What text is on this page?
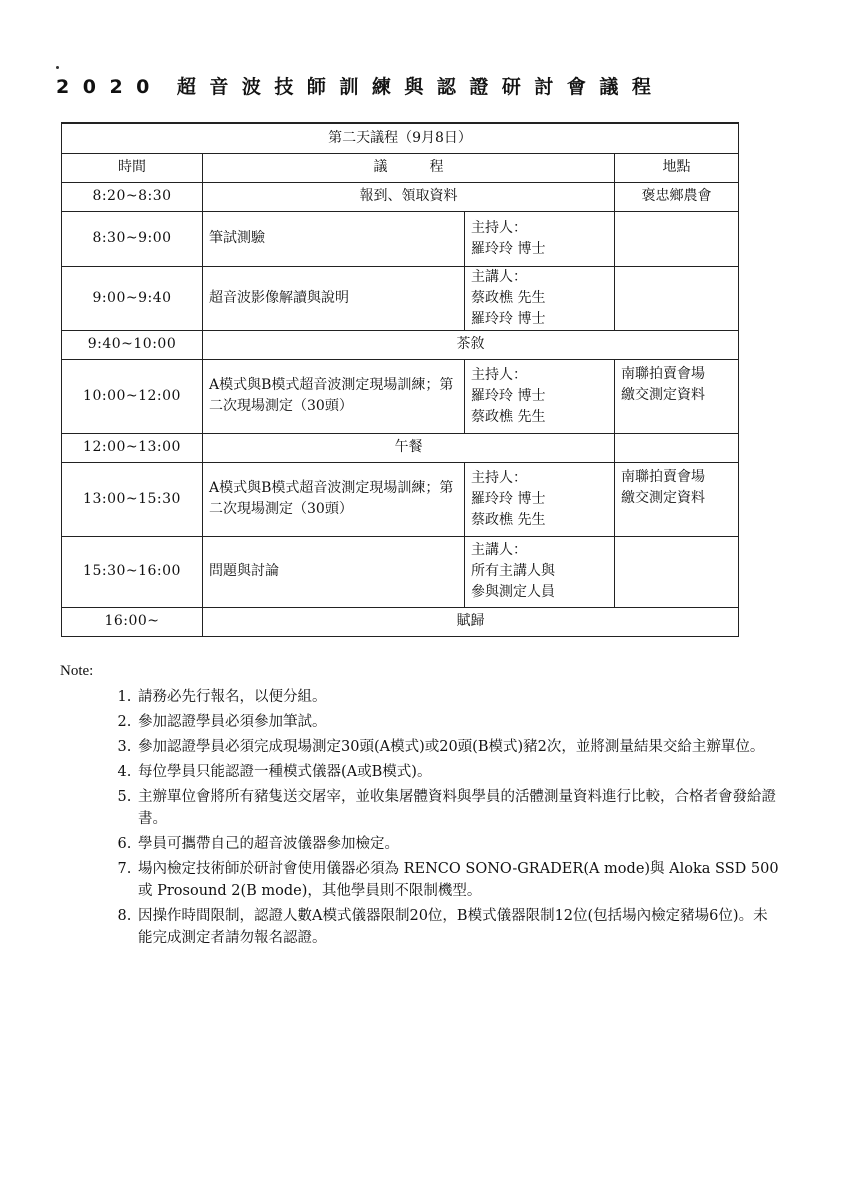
2020 超音波技師訓練與認證研討會議程
第二天議程（9月8日）			
時間	議　　　程		地點
8:20~8:30	報到、領取資料		褒忠鄉農會
8:30~9:00	筆試測驗	主持人：
羅玲玲 博士	
9:00~9:40	超音波影像解讀與說明	主講人：
蔡政樵 先生
羅玲玲 博士	
9:40~10:00	茶敘		
10:00~12:00	A模式與B模式超音波測定現場訓練；第二次現場測定（30頭）	主持人：
羅玲玲 博士
蔡政樵 先生	南聯拍賣會場
繳交測定資料
12:00~13:00	午餐		
13:00~15:30	A模式與B模式超音波測定現場訓練；第二次現場測定（30頭）	主持人：
羅玲玲 博士
蔡政樵 先生	南聯拍賣會場
繳交測定資料
15:30~16:00	問題與討論	主講人：
所有主講人與
參與測定人員	
16:00~	賦歸		
Note:
1. 請務必先行報名，以便分組。
2. 參加認證學員必須參加筆試。
3. 參加認證學員必須完成現場測定30頭(A模式)或20頭(B模式)豬2次，並將測量結果交給主辦單位。
4. 每位學員只能認證一種模式儀器(A或B模式)。
5. 主辦單位會將所有豬隻送交屠宰，並收集屠體資料與學員的活體測量資料進行比較，合格者會發給證書。
6. 學員可攜帶自己的超音波儀器參加檢定。
7. 場內檢定技術師於研討會使用儀器必須為 RENCO SONO-GRADER(A mode)與 Aloka SSD 500 或 Prosound 2(B mode)，其他學員則不限制機型。
8. 因操作時間限制，認證人數A模式儀器限制20位，B模式儀器限制12位(包括場內檢定豬場6位)。未能完成測定者請勿報名認證。
